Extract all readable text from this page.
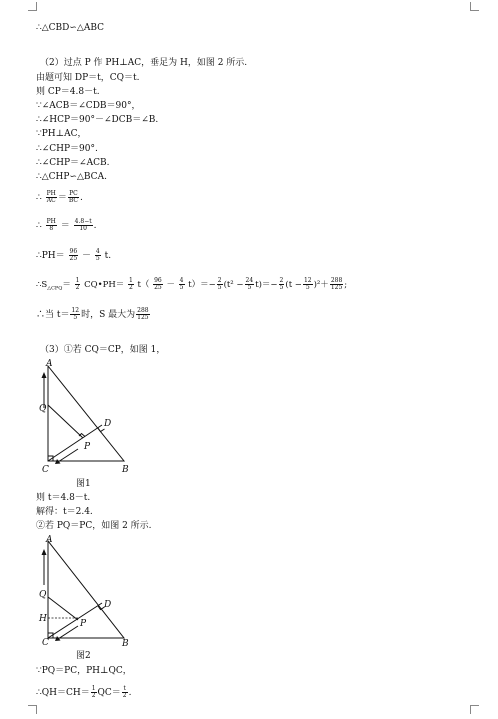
∴△CBD∽△ABC
（2）过点 P 作 PH⊥AC，垂足为 H，如图 2 所示.
由题可知 DP＝t，CQ＝t.
则 CP＝4.8－t.
∵∠ACB＝∠CDB＝90°，
∴∠HCP＝90°－∠DCB＝∠B.
∵PH⊥AC，
∴∠CHP＝90°.
∴∠CHP＝∠ACB.
∴△CHP∽△BCA.
∴ $\frac{PH}{AC} = \frac{PC}{BC}$ .
∴ $\frac{PH}{8} = \frac{4.8-t}{10}$ .
∴PH＝ $\frac{96}{25} - \frac{4}{5} t$.
$\therefore S_{\triangle CPQ}= \frac{1}{2}$ CQ•PH＝ $\frac{1}{2} t( \frac{96}{25} - \frac{4}{5} t)=- \frac{2}{5} (t^2 - \frac{24}{5} t)=- \frac{2}{5} (t - \frac{12}{5} )^2+ \frac{288}{125}$ ;
∴当 $t= \frac{12}{5}$ 时，S 最大为 $\frac{288}{125}$
（3）①若 CQ＝CP，如图 1，
A
Q
C	B
D
P
图1
则 t＝4.8－t.
解得：t＝2.4.
②若 PQ＝PC，如图 2 所示.
A
Q
H
C	B
D
P
图2
∵PQ＝PC，PH⊥QC，
∴QH＝CH＝ $\frac{1}{2} QC= \frac{t}{2}$ .
